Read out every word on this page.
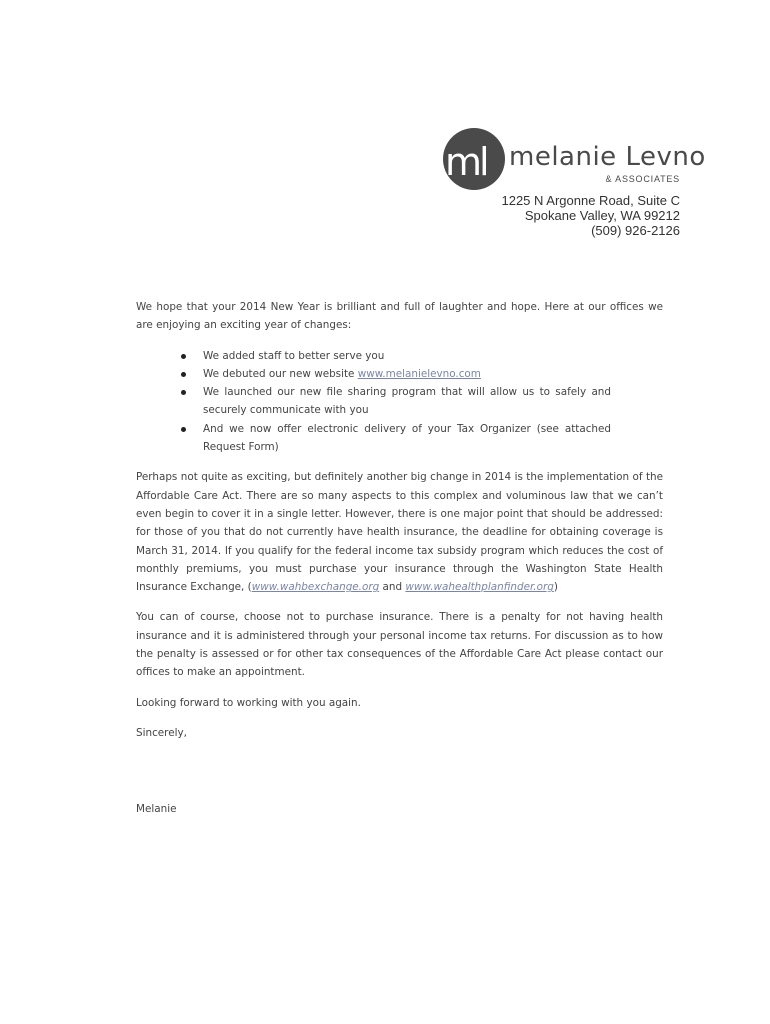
ml melanie Levno
& ASSOCIATES
1225 N Argonne Road, Suite C
Spokane Valley, WA 99212
(509) 926-2126

We hope that your 2014 New Year is brilliant and full of laughter and hope. Here at our offices we are enjoying an exciting year of changes:

We added staff to better serve you
We debuted our new website www.melanielevno.com
We launched our new file sharing program that will allow us to safely and securely communicate with you
And we now offer electronic delivery of your Tax Organizer (see attached Request Form)

Perhaps not quite as exciting, but definitely another big change in 2014 is the implementation of the Affordable Care Act. There are so many aspects to this complex and voluminous law that we can’t even begin to cover it in a single letter. However, there is one major point that should be addressed: for those of you that do not currently have health insurance, the deadline for obtaining coverage is March 31, 2014. If you qualify for the federal income tax subsidy program which reduces the cost of monthly premiums, you must purchase your insurance through the Washington State Health Insurance Exchange, (www.wahbexchange.org and www.wahealthplanfinder.org)

You can of course, choose not to purchase insurance. There is a penalty for not having health insurance and it is administered through your personal income tax returns. For discussion as to how the penalty is assessed or for other tax consequences of the Affordable Care Act please contact our offices to make an appointment.

Looking forward to working with you again.

Sincerely,

Melanie
